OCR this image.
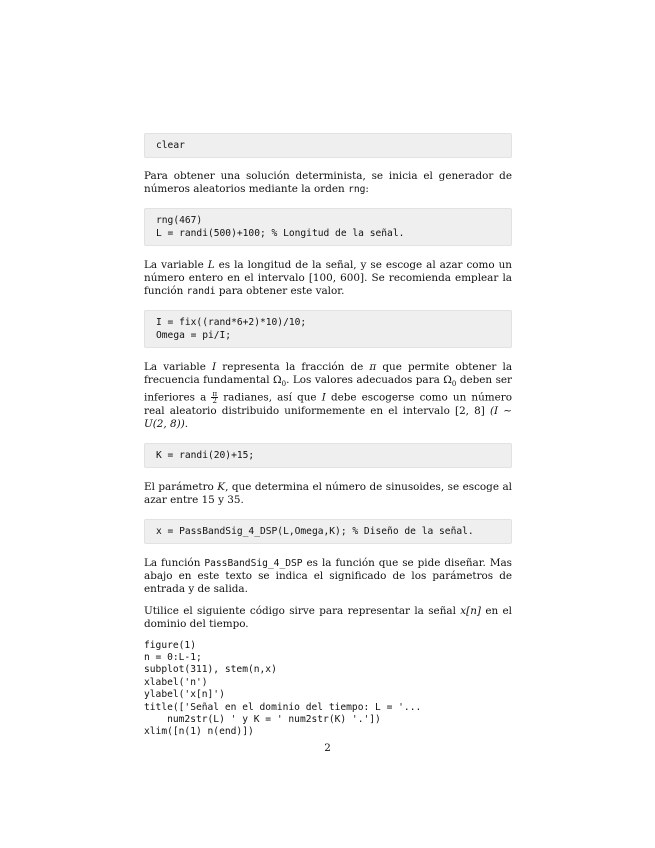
clear

Para obtener una solución determinista, se inicia el generador de números aleatorios mediante la orden rng:

rng(467)
L = randi(500)+100; % Longitud de la señal.

La variable L es la longitud de la señal, y se escoge al azar como un número entero en el intervalo [100, 600]. Se recomienda emplear la función randi para obtener este valor.

I = fix((rand*6+2)*10)/10;
Omega = pi/I;

La variable I representa la fracción de π que permite obtener la frecuencia fundamental $\Omega_0$. Los valores adecuados para $\Omega_0$ deben ser inferiores a $\frac{\pi}{2}$ radianes, así que I debe escogerse como un número real aleatorio distribuido uniformemente en el intervalo [2, 8] (I ∼ U(2, 8)).

K = randi(20)+15;

El parámetro K, que determina el número de sinusoides, se escoge al azar entre 15 y 35.

x = PassBandSig_4_DSP(L,Omega,K); % Diseño de la señal.

La función PassBandSig_4_DSP es la función que se pide diseñar. Mas abajo en este texto se indica el significado de los parámetros de entrada y de salida.

Utilice el siguiente código sirve para representar la señal x[n] en el dominio del tiempo.

figure(1)
n = 0:L-1;
subplot(311), stem(n,x)
xlabel('n')
ylabel('x[n]')
title(['Señal en el dominio del tiempo: L = '...
num2str(L) ' y K = ' num2str(K) '.'])
xlim([n(1) n(end)])
2
